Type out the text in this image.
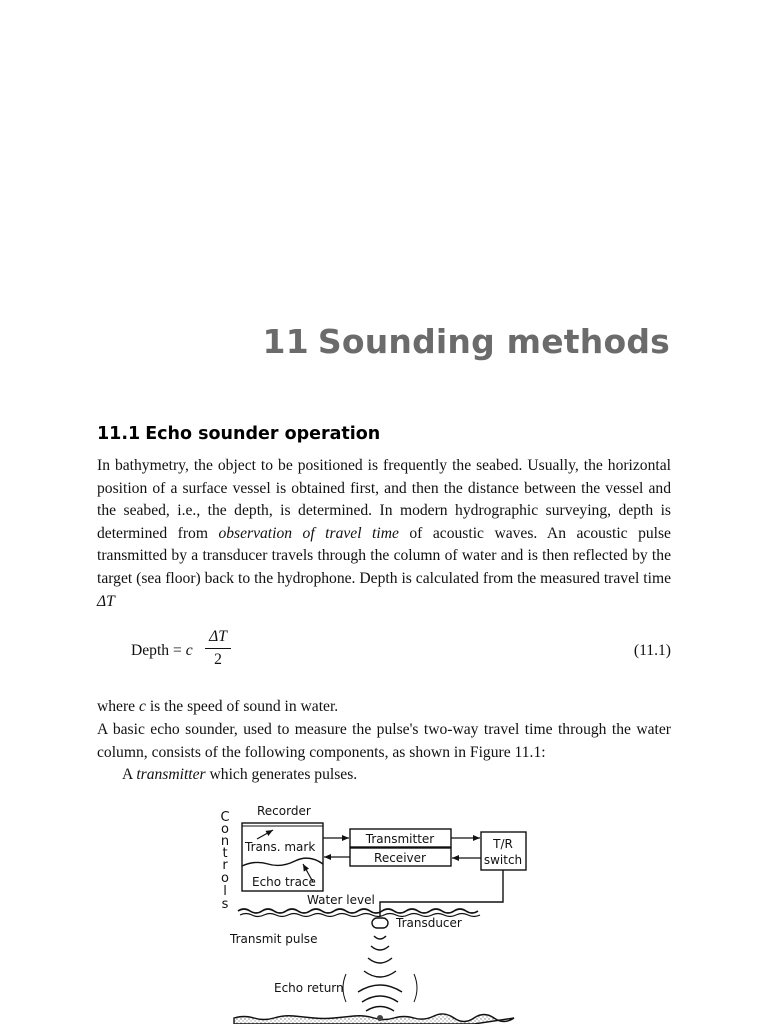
11 Sounding methods
11.1 Echo sounder operation

In bathymetry, the object to be positioned is frequently the seabed. Usually, the horizontal position of a surface vessel is obtained first, and then the distance between the vessel and the seabed, i.e., the depth, is determined. In modern hydrographic surveying, depth is determined from observation of travel time of acoustic waves. An acoustic pulse transmitted by a transducer travels through the column of water and is then reflected by the target (sea floor) back to the hydrophone. Depth is calculated from the measured travel time ΔT

Depth = c $\frac{\Delta T}{2}$	(11.1)

where c is the speed of sound in water.

A basic echo sounder, used to measure the pulse's two-way travel time through the water column, consists of the following components, as shown in Figure 11.1:

A transmitter which generates pulses.

C
o
n
t
r
o
l
s
Recorder
Trans. mark
Echo trace
Transmitter
Receiver
T/R
switch
Water level
Transducer
Transmit pulse
Echo return
